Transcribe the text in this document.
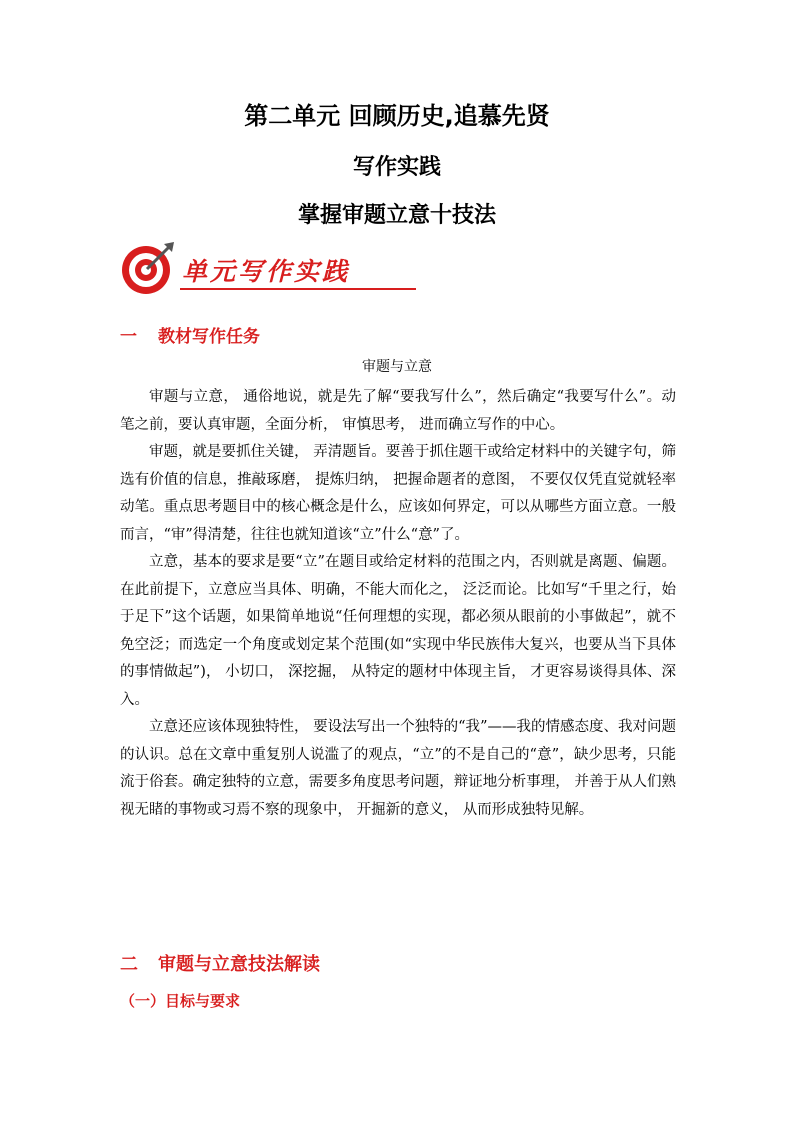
第二单元 回顾历史,追慕先贤
写作实践
掌握审题立意十技法
单元写作实践
一 教材写作任务
审题与立意

审题与立意， 通俗地说，就是先了解“要我写什么”，然后确定“我要写什么”。动笔之前，要认真审题，全面分析， 审慎思考， 进而确立写作的中心。

审题，就是要抓住关键， 弄清题旨。要善于抓住题干或给定材料中的关键字句，筛选有价值的信息，推敲琢磨， 提炼归纳， 把握命题者的意图， 不要仅仅凭直觉就轻率动笔。重点思考题目中的核心概念是什么，应该如何界定，可以从哪些方面立意。一般而言，“审”得清楚，往往也就知道该“立”什么“意”了。

立意，基本的要求是要“立”在题目或给定材料的范围之内，否则就是离题、偏题。在此前提下，立意应当具体、明确，不能大而化之， 泛泛而论。比如写“千里之行，始于足下”这个话题，如果简单地说“任何理想的实现，都必须从眼前的小事做起”，就不免空泛；而选定一个角度或划定某个范围(如“实现中华民族伟大复兴，也要从当下具体的事情做起”)， 小切口， 深挖掘， 从特定的题材中体现主旨， 才更容易谈得具体、深入。

立意还应该体现独特性， 要设法写出一个独特的“我”——我的情感态度、我对问题的认识。总在文章中重复别人说滥了的观点，“立”的不是自己的“意”，缺少思考，只能流于俗套。确定独特的立意，需要多角度思考问题，辩证地分析事理， 并善于从人们熟视无睹的事物或习焉不察的现象中， 开掘新的意义， 从而形成独特见解。

二 审题与立意技法解读
（一）目标与要求
